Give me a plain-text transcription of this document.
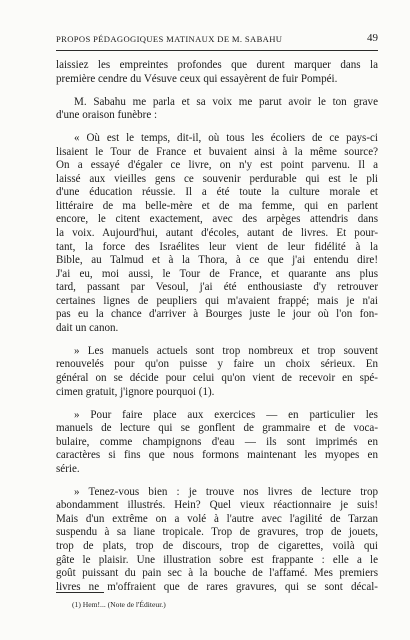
PROPOS PÉDAGOGIQUES MATINAUX DE M. SABAHU	49

laissiez les empreintes profondes que durent marquer dans la
première cendre du Vésuve ceux qui essayèrent de fuir Pompéi.

M. Sabahu me parla et sa voix me parut avoir le ton grave
d'une oraison funèbre :

« Où est le temps, dit-il, où tous les écoliers de ce pays-ci
lisaient le Tour de France et buvaient ainsi à la même source?
On a essayé d'égaler ce livre, on n'y est point parvenu. Il a
laissé aux vieilles gens ce souvenir perdurable qui est le pli
d'une éducation réussie. Il a été toute la culture morale et
littéraire de ma belle-mère et de ma femme, qui en parlent
encore, le citent exactement, avec des arpèges attendris dans
la voix. Aujourd'hui, autant d'écoles, autant de livres. Et pour-
tant, la force des Israélites leur vient de leur fidélité à la
Bible, au Talmud et à la Thora, à ce que j'ai entendu dire!
J'ai eu, moi aussi, le Tour de France, et quarante ans plus
tard, passant par Vesoul, j'ai été enthousiaste d'y retrouver
certaines lignes de peupliers qui m'avaient frappé; mais je n'ai
pas eu la chance d'arriver à Bourges juste le jour où l'on fon-
dait un canon.

» Les manuels actuels sont trop nombreux et trop souvent
renouvelés pour qu'on puisse y faire un choix sérieux. En
général on se décide pour celui qu'on vient de recevoir en spé-
cimen gratuit, j'ignore pourquoi (1).

» Pour faire place aux exercices — en particulier les
manuels de lecture qui se gonflent de grammaire et de voca-
bulaire, comme champignons d'eau — ils sont imprimés en
caractères si fins que nous formons maintenant les myopes en
série.

» Tenez-vous bien : je trouve nos livres de lecture trop
abondamment illustrés. Hein? Quel vieux réactionnaire je suis!
Mais d'un extrême on a volé à l'autre avec l'agilité de Tarzan
suspendu à sa liane tropicale. Trop de gravures, trop de jouets,
trop de plats, trop de discours, trop de cigarettes, voilà qui
gâte le plaisir. Une illustration sobre est frappante : elle a le
goût puissant du pain sec à la bouche de l'affamé. Mes premiers
livres ne m'offraient que de rares gravures, qui se sont décal-

(1) Hem!... (Note de l'Éditeur.)
